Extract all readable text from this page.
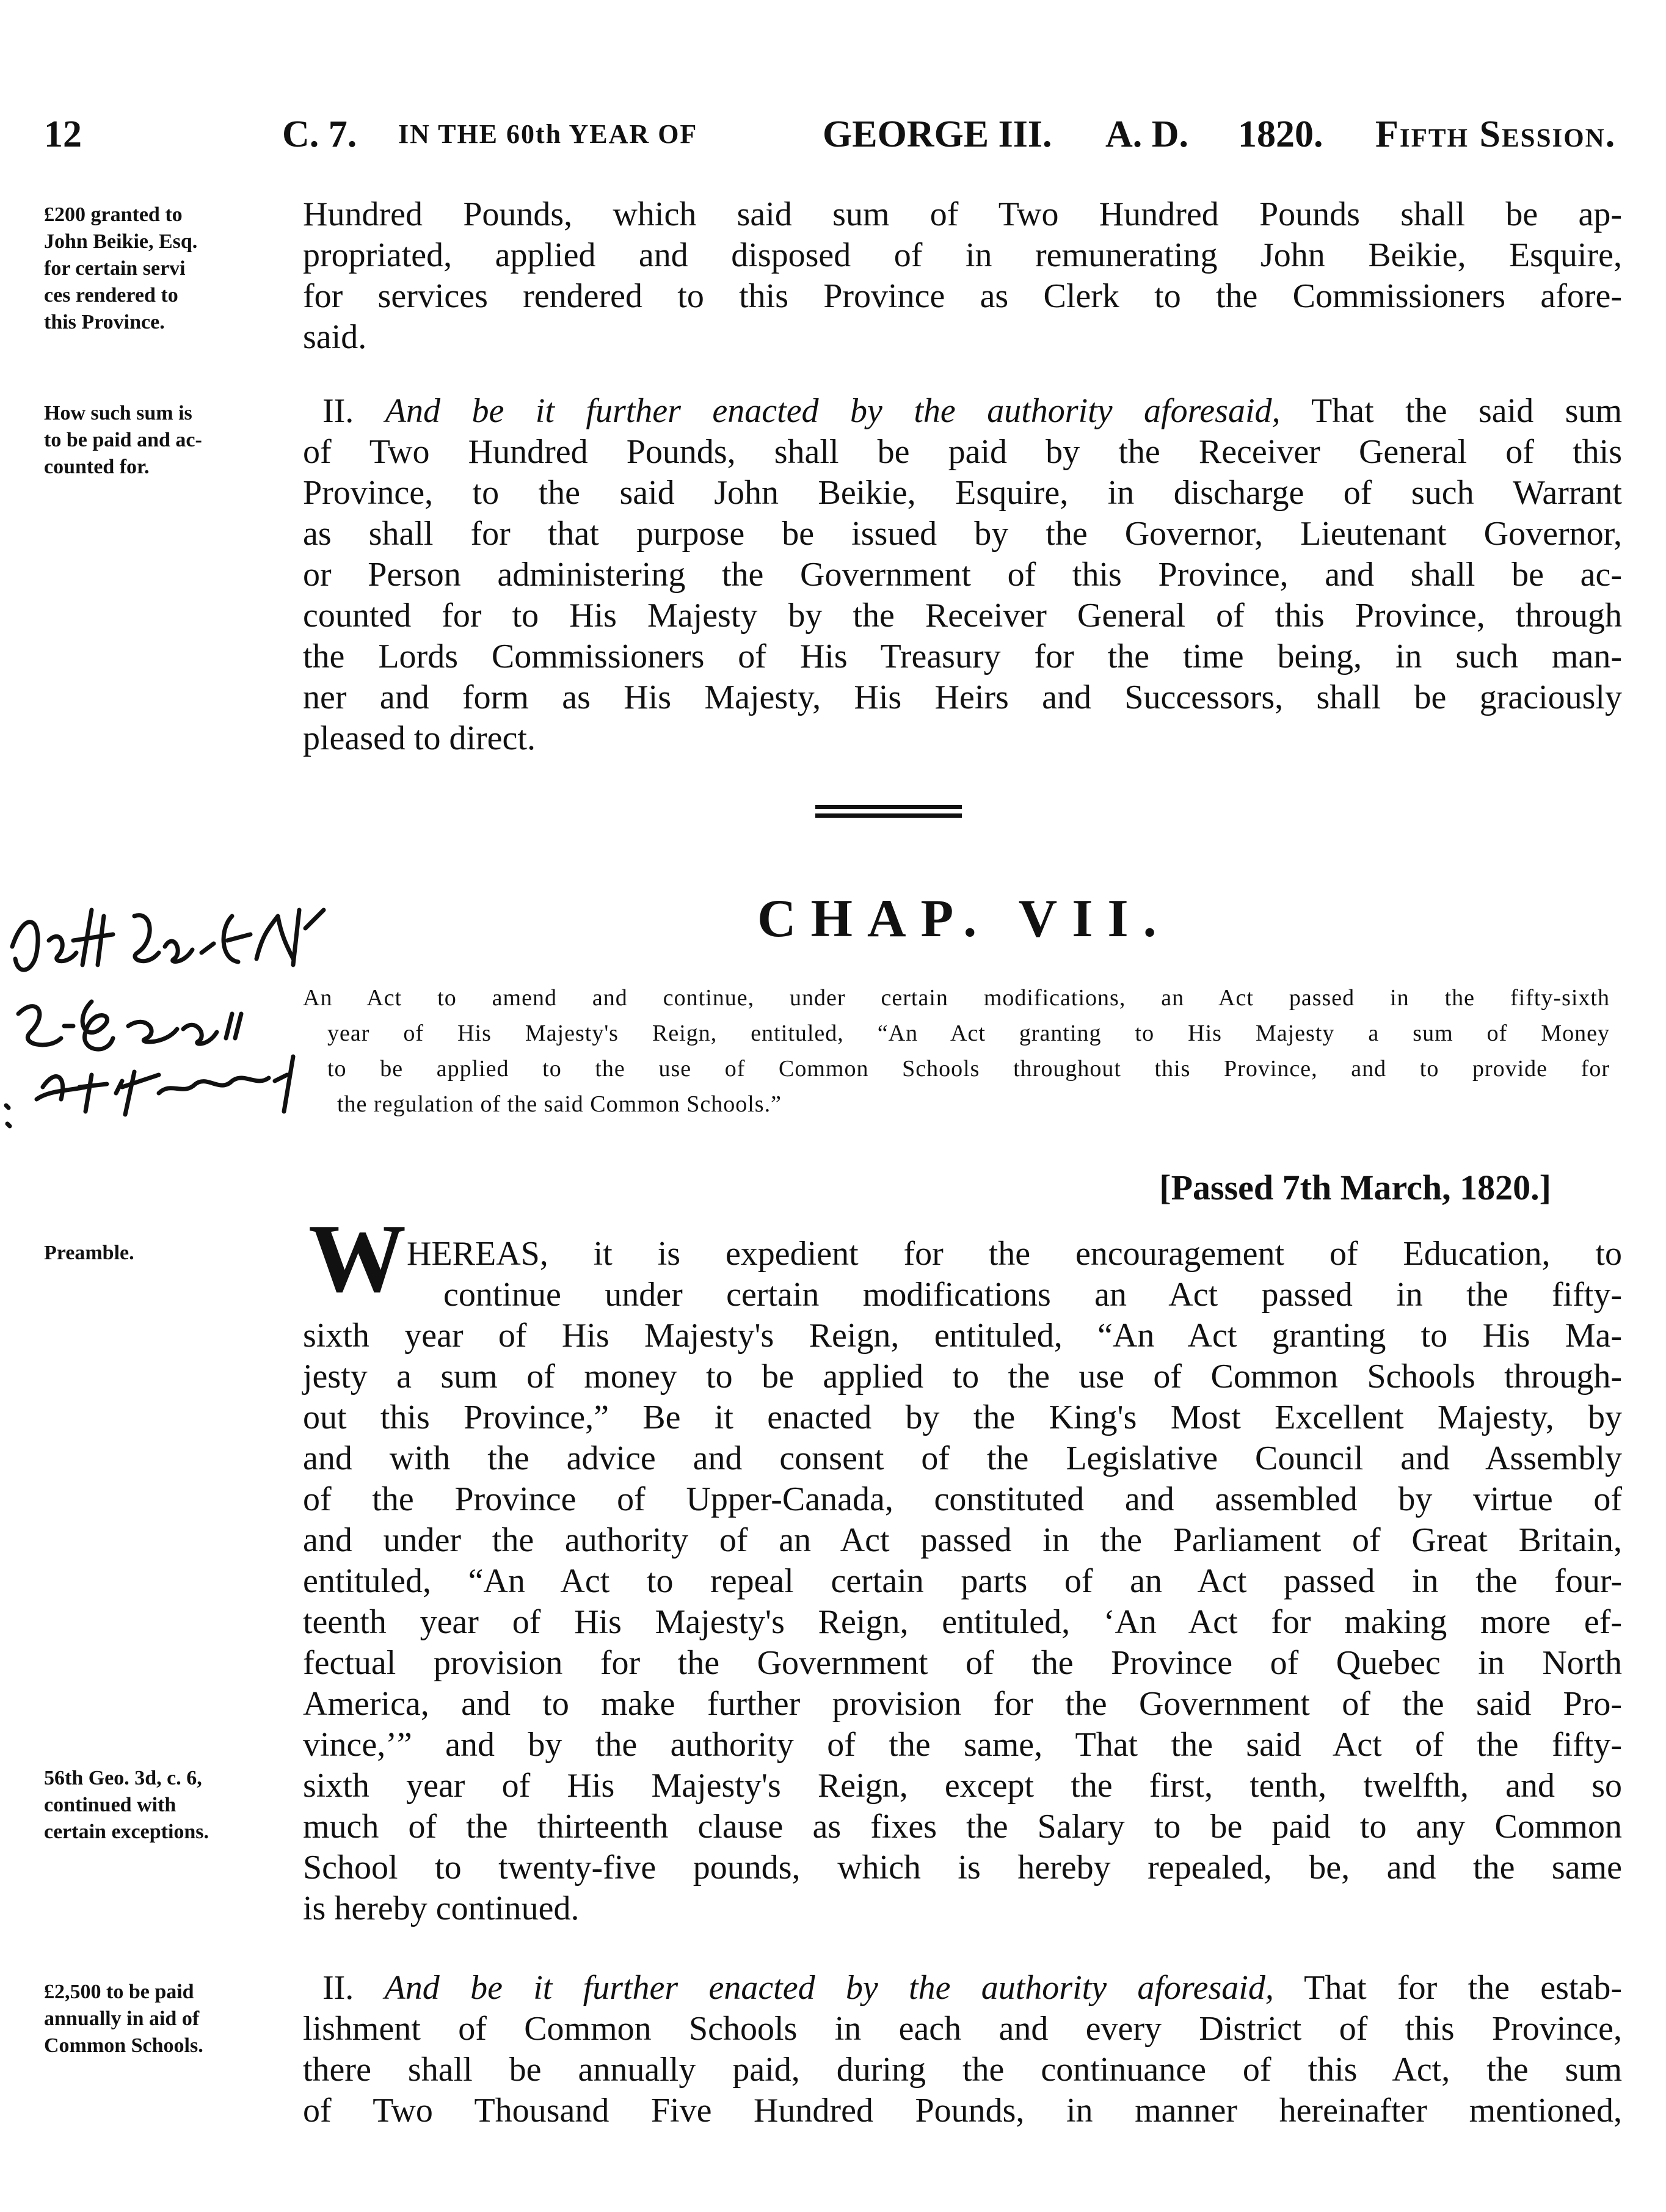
12	C. 7. IN THE 60th YEAR OF	GEORGE III. A. D. 1820. Fifth Session.
£200 granted to
John Beikie, Esq.
for certain servi
ces rendered to
this Province.
Hundred Pounds, which said sum of Two Hundred Pounds shall be ap-
propriated, applied and disposed of in remunerating John Beikie, Esquire,
for services rendered to this Province as Clerk to the Commissioners afore-
said.
How such sum is
to be paid and ac-
counted for.
II. And be it further enacted by the authority aforesaid, That the said sum
of Two Hundred Pounds, shall be paid by the Receiver General of this
Province, to the said John Beikie, Esquire, in discharge of such Warrant
as shall for that purpose be issued by the Governor, Lieutenant Governor,
or Person administering the Government of this Province, and shall be ac-
counted for to His Majesty by the Receiver General of this Province, through
the Lords Commissioners of His Treasury for the time being, in such man-
ner and form as His Majesty, His Heirs and Successors, shall be graciously
pleased to direct.
CHAP. VII.
An Act to amend and continue, under certain modifications, an Act passed in the fifty-sixth
year of His Majesty's Reign, entituled, “An Act granting to His Majesty a sum of Money
to be applied to the use of Common Schools throughout this Province, and to provide for
the regulation of the said Common Schools.”
[Passed 7th March, 1820.]
Preamble.	W HEREAS, it is expedient for the encouragement of Education, to
continue under certain modifications an Act passed in the fifty-
sixth year of His Majesty's Reign, entituled, “An Act granting to His Ma-
jesty a sum of money to be applied to the use of Common Schools through-
out this Province,” Be it enacted by the King's Most Excellent Majesty, by
and with the advice and consent of the Legislative Council and Assembly
of the Province of Upper-Canada, constituted and assembled by virtue of
and under the authority of an Act passed in the Parliament of Great Britain,
entituled, “An Act to repeal certain parts of an Act passed in the four-
teenth year of His Majesty's Reign, entituled, ‘An Act for making more ef-
fectual provision for the Government of the Province of Quebec in North
America, and to make further provision for the Government of the said Pro-
vince,’” and by the authority of the same, That the said Act of the fifty-
sixth year of His Majesty's Reign, except the first, tenth, twelfth, and so
much of the thirteenth clause as fixes the Salary to be paid to any Common
School to twenty-five pounds, which is hereby repealed, be, and the same
is hereby continued.
56th Geo. 3d, c. 6,
continued with
certain exceptions.
£2,500 to be paid
annually in aid of
Common Schools.
II. And be it further enacted by the authority aforesaid, That for the estab-
lishment of Common Schools in each and every District of this Province,
there shall be annually paid, during the continuance of this Act, the sum
of Two Thousand Five Hundred Pounds, in manner hereinafter mentioned,
